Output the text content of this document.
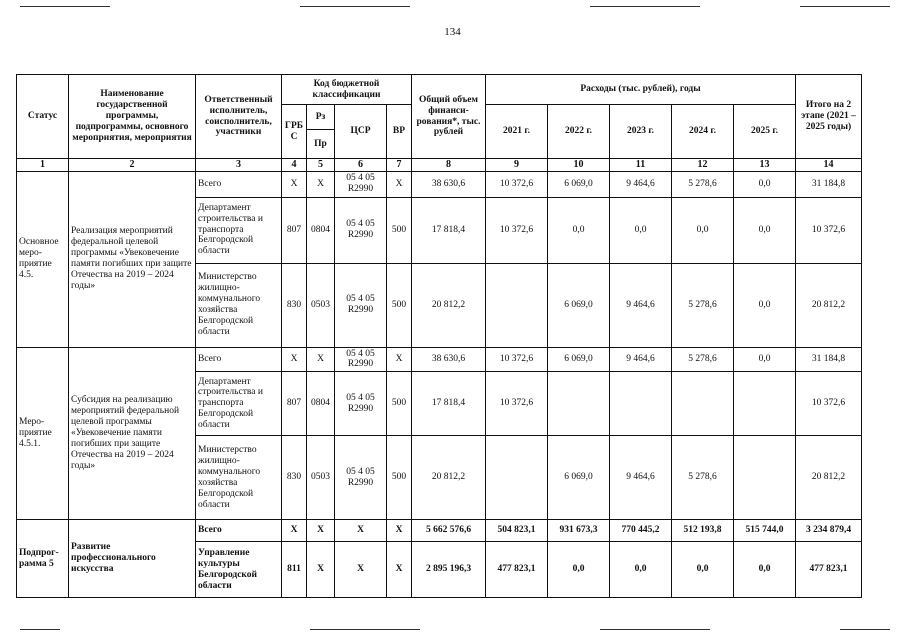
134
Статус	Наименование государственной программы, подпрограммы, основного мероприятия, мероприятия	Ответственный исполнитель, соисполнитель, участники	Код бюджетной классификации				Общий объем финанси-рования*, тыс. рублей	Расходы (тыс. рублей), годы					Итого на 2 этапе (2021 – 2025 годы)
			ГРБ С	Рз	ЦСР	ВР		2021 г.	2022 г.	2023 г.	2024 г.	2025 г.	
				Пр									
1	2	3	4	5	6	7	8	9	10	11	12	13	14
Основное меро-приятие 4.5.	Реализация мероприятий федеральной целевой программы «Увековечение памяти погибших при защите Отечества на 2019 – 2024 годы»	Всего	Х	Х	05 4 05 R2990	Х	38 630,6	10 372,6	6 069,0	9 464,6	5 278,6	0,0	31 184,8
		Департамент строительства и транспорта Белгородской области	807	0804	05 4 05 R2990	500	17 818,4	10 372,6	0,0	0,0	0,0	0,0	10 372,6
		Министерство жилищно-коммунального хозяйства Белгородской области	830	0503	05 4 05 R2990	500	20 812,2		6 069,0	9 464,6	5 278,6	0,0	20 812,2
Меро-приятие 4.5.1.	Субсидия на реализацию мероприятий федеральной целевой программы «Увековечение памяти погибших при защите Отечества на 2019 – 2024 годы»	Всего	Х	Х	05 4 05 R2990	Х	38 630,6	10 372,6	6 069,0	9 464,6	5 278,6	0,0	31 184,8
		Департамент строительства и транспорта Белгородской области	807	0804	05 4 05 R2990	500	17 818,4	10 372,6					10 372,6
		Министерство жилищно-коммунального хозяйства Белгородской области	830	0503	05 4 05 R2990	500	20 812,2		6 069,0	9 464,6	5 278,6		20 812,2
Подпрог-рамма 5	Развитие профессионального искусства	Всего	Х	Х	Х	Х	5 662 576,6	504 823,1	931 673,3	770 445,2	512 193,8	515 744,0	3 234 879,4
		Управление культуры Белгородской области	811	Х	Х	Х	2 895 196,3	477 823,1	0,0	0,0	0,0	0,0	477 823,1
